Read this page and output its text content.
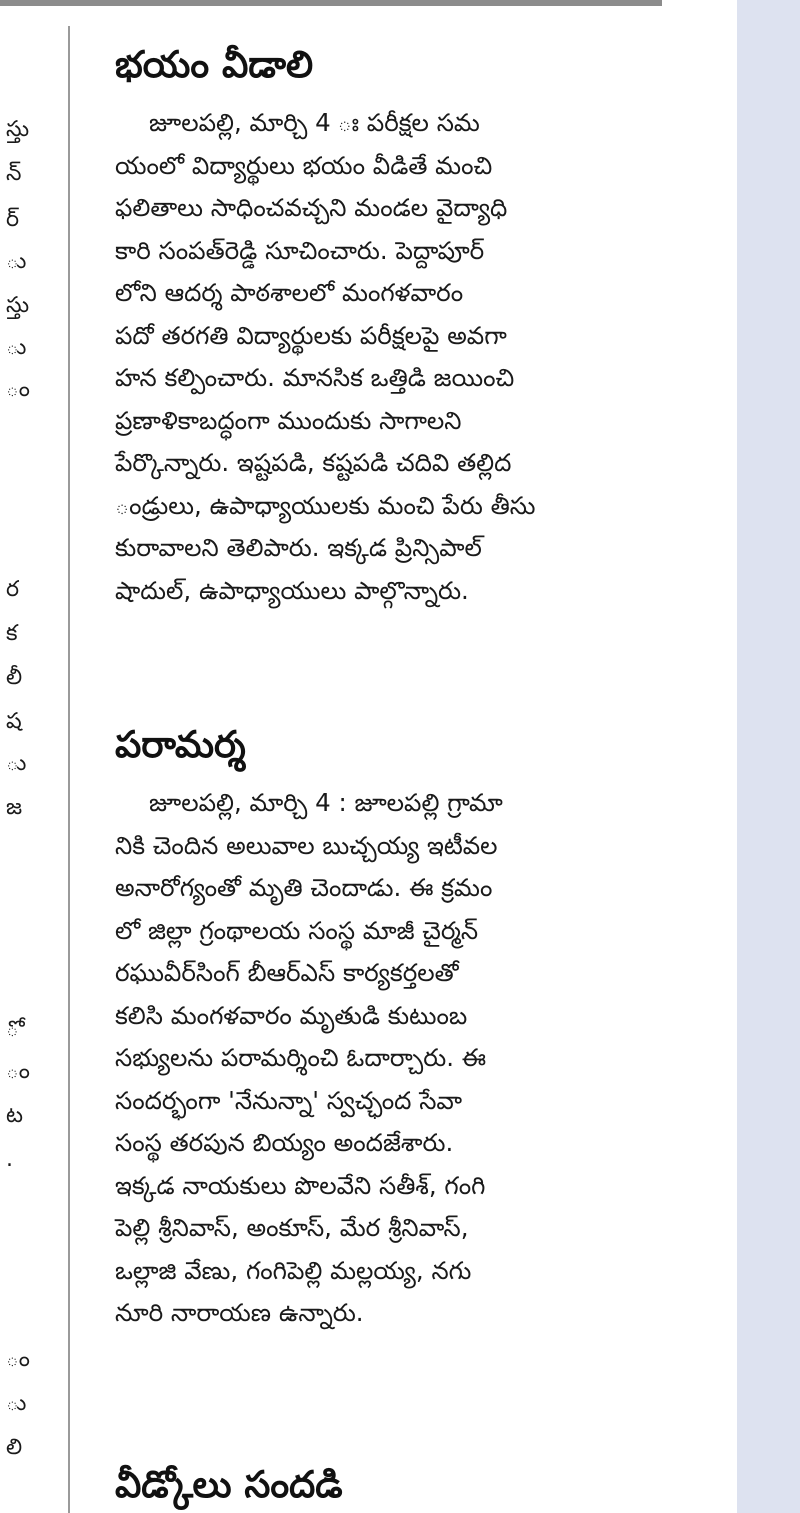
స్తు
న్
ర్
ు
స్తు
ు
ం
ర
క
లీ
ష
ు
జ
ో
ం
ట
.
ం
ు
లి
భయం వీడాలి

జూలపల్లి, మార్చి 4 ః పరీక్షల సమ
యంలో విద్యార్థులు భయం వీడితే మంచి
ఫలితాలు సాధించవచ్చని మండల వైద్యాధి
కారి సంపత్‌రెడ్డి సూచించారు. పెద్దాపూర్
లోని ఆదర్శ పాఠశాలలో మంగళవారం
పదో తరగతి విద్యార్థులకు పరీక్షలపై అవగా
హన కల్పించారు. మానసిక ఒత్తిడి జయించి
ప్రణాళికాబద్ధంగా ముందుకు సాగాలని
పేర్కొన్నారు. ఇష్టపడి, కష్టపడి చదివి తల్లిద
ండ్రులు, ఉపాధ్యాయులకు మంచి పేరు తీసు
కురావాలని తెలిపారు. ఇక్కడ ప్రిన్సిపాల్
షాదుల్, ఉపాధ్యాయులు పాల్గొన్నారు.

పరామర్శ

జూలపల్లి, మార్చి 4 : జూలపల్లి గ్రామా
నికి చెందిన అలువాల బుచ్చయ్య ఇటీవల
అనారోగ్యంతో మృతి చెందాడు. ఈ క్రమం
లో జిల్లా గ్రంథాలయ సంస్థ మాజీ చైర్మన్
రఘువీర్‌సింగ్ బీఆర్‌ఎస్ కార్యకర్తలతో
కలిసి మంగళవారం మృతుడి కుటుంబ
సభ్యులను పరామర్శించి ఓదార్చారు. ఈ
సందర్భంగా 'నేనున్నా' స్వచ్ఛంద సేవా
సంస్థ తరపున బియ్యం అందజేశారు.
ఇక్కడ నాయకులు పొలవేని సతీశ్, గంగి
పెల్లి శ్రీనివాస్, అంకూస్, మేర శ్రీనివాస్,
ఒల్లాజి వేణు, గంగిపెల్లి మల్లయ్య, నగు
నూరి నారాయణ ఉన్నారు.

వీడ్కోలు సందడి
